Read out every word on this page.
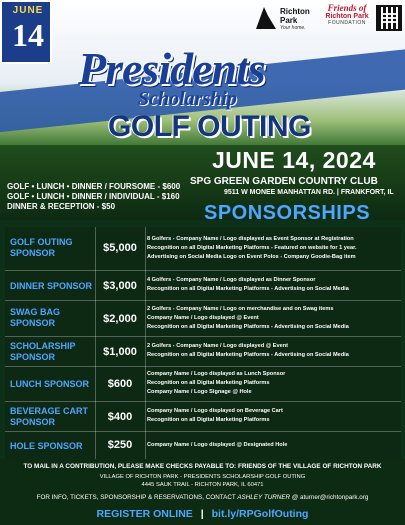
JUNE
14
Richton
Park
Your home.
Friends of
Richton Park
FOUNDATION
Presidents
Scholarship
GOLF OUTING
JUNE 14, 2024
SPG GREEN GARDEN COUNTRY CLUB
9511 W MONEE MANHATTAN RD. | FRANKFORT, IL
GOLF • LUNCH • DINNER / FOURSOME - $600
GOLF • LUNCH • DINNER / INDIVIDUAL - $160
DINNER & RECEPTION - $50	SPONSORSHIPS
GOLF OUTING
SPONSOR	$5,000
8 Golfers - Company Name / Logo displayed as Event Sponsor at Registration
Recognition on all Digital Marketing Platforms - Featured on website for 1 year.
Advertising on Social Media Logo on Event Polos - Company Goodie-Bag item
DINNER SPONSOR	$3,000	4 Golfers - Company Name / Logo displayed as Dinner Sponsor
Recognition on all Digital Marketing Platforms - Advertising on Social Media
SWAG BAG
SPONSOR	$2,000
2 Golfers - Company Name / Logo on merchandise and on Swag items
Company Name / Logo displayed @ Event
Recognition on all Digital Marketing Platforms - Advertising on Social Media
SCHOLARSHIP
SPONSOR	$1,000	2 Golfers - Company Name / Logo displayed @ Event
Recognition on all Digital Marketing Platforms - Advertising on Social Media
LUNCH SPONSOR	$600
Company Name / Logo displayed as Lunch Sponsor
Recognition on all Digital Marketing Platforms
Company Name / Logo Signage @ Hole
BEVERAGE CART
SPONSOR	$400	Company Name / Logo displayed on Beverage Cart
Recognition on all Digital Marketing Platforms
HOLE SPONSOR	$250	Company Name / Logo displayed @ Designated Hole
TO MAIL IN A CONTRIBUTION, PLEASE MAKE CHECKS PAYABLE TO: FRIENDS OF THE VILLAGE OF RICHTON PARK
VILLAGE OF RICHTON PARK - PRESIDENTS SCHOLARSHIP GOLF OUTING
4445 SAUK TRAIL - RICHTON PARK, IL 60471
FOR INFO, TICKETS, SPONSORSHIP & RESERVATIONS, CONTACT ASHLEY TURNER @ aturner@richtonpark.org
REGISTER ONLINE | bit.ly/RPGolfOuting
